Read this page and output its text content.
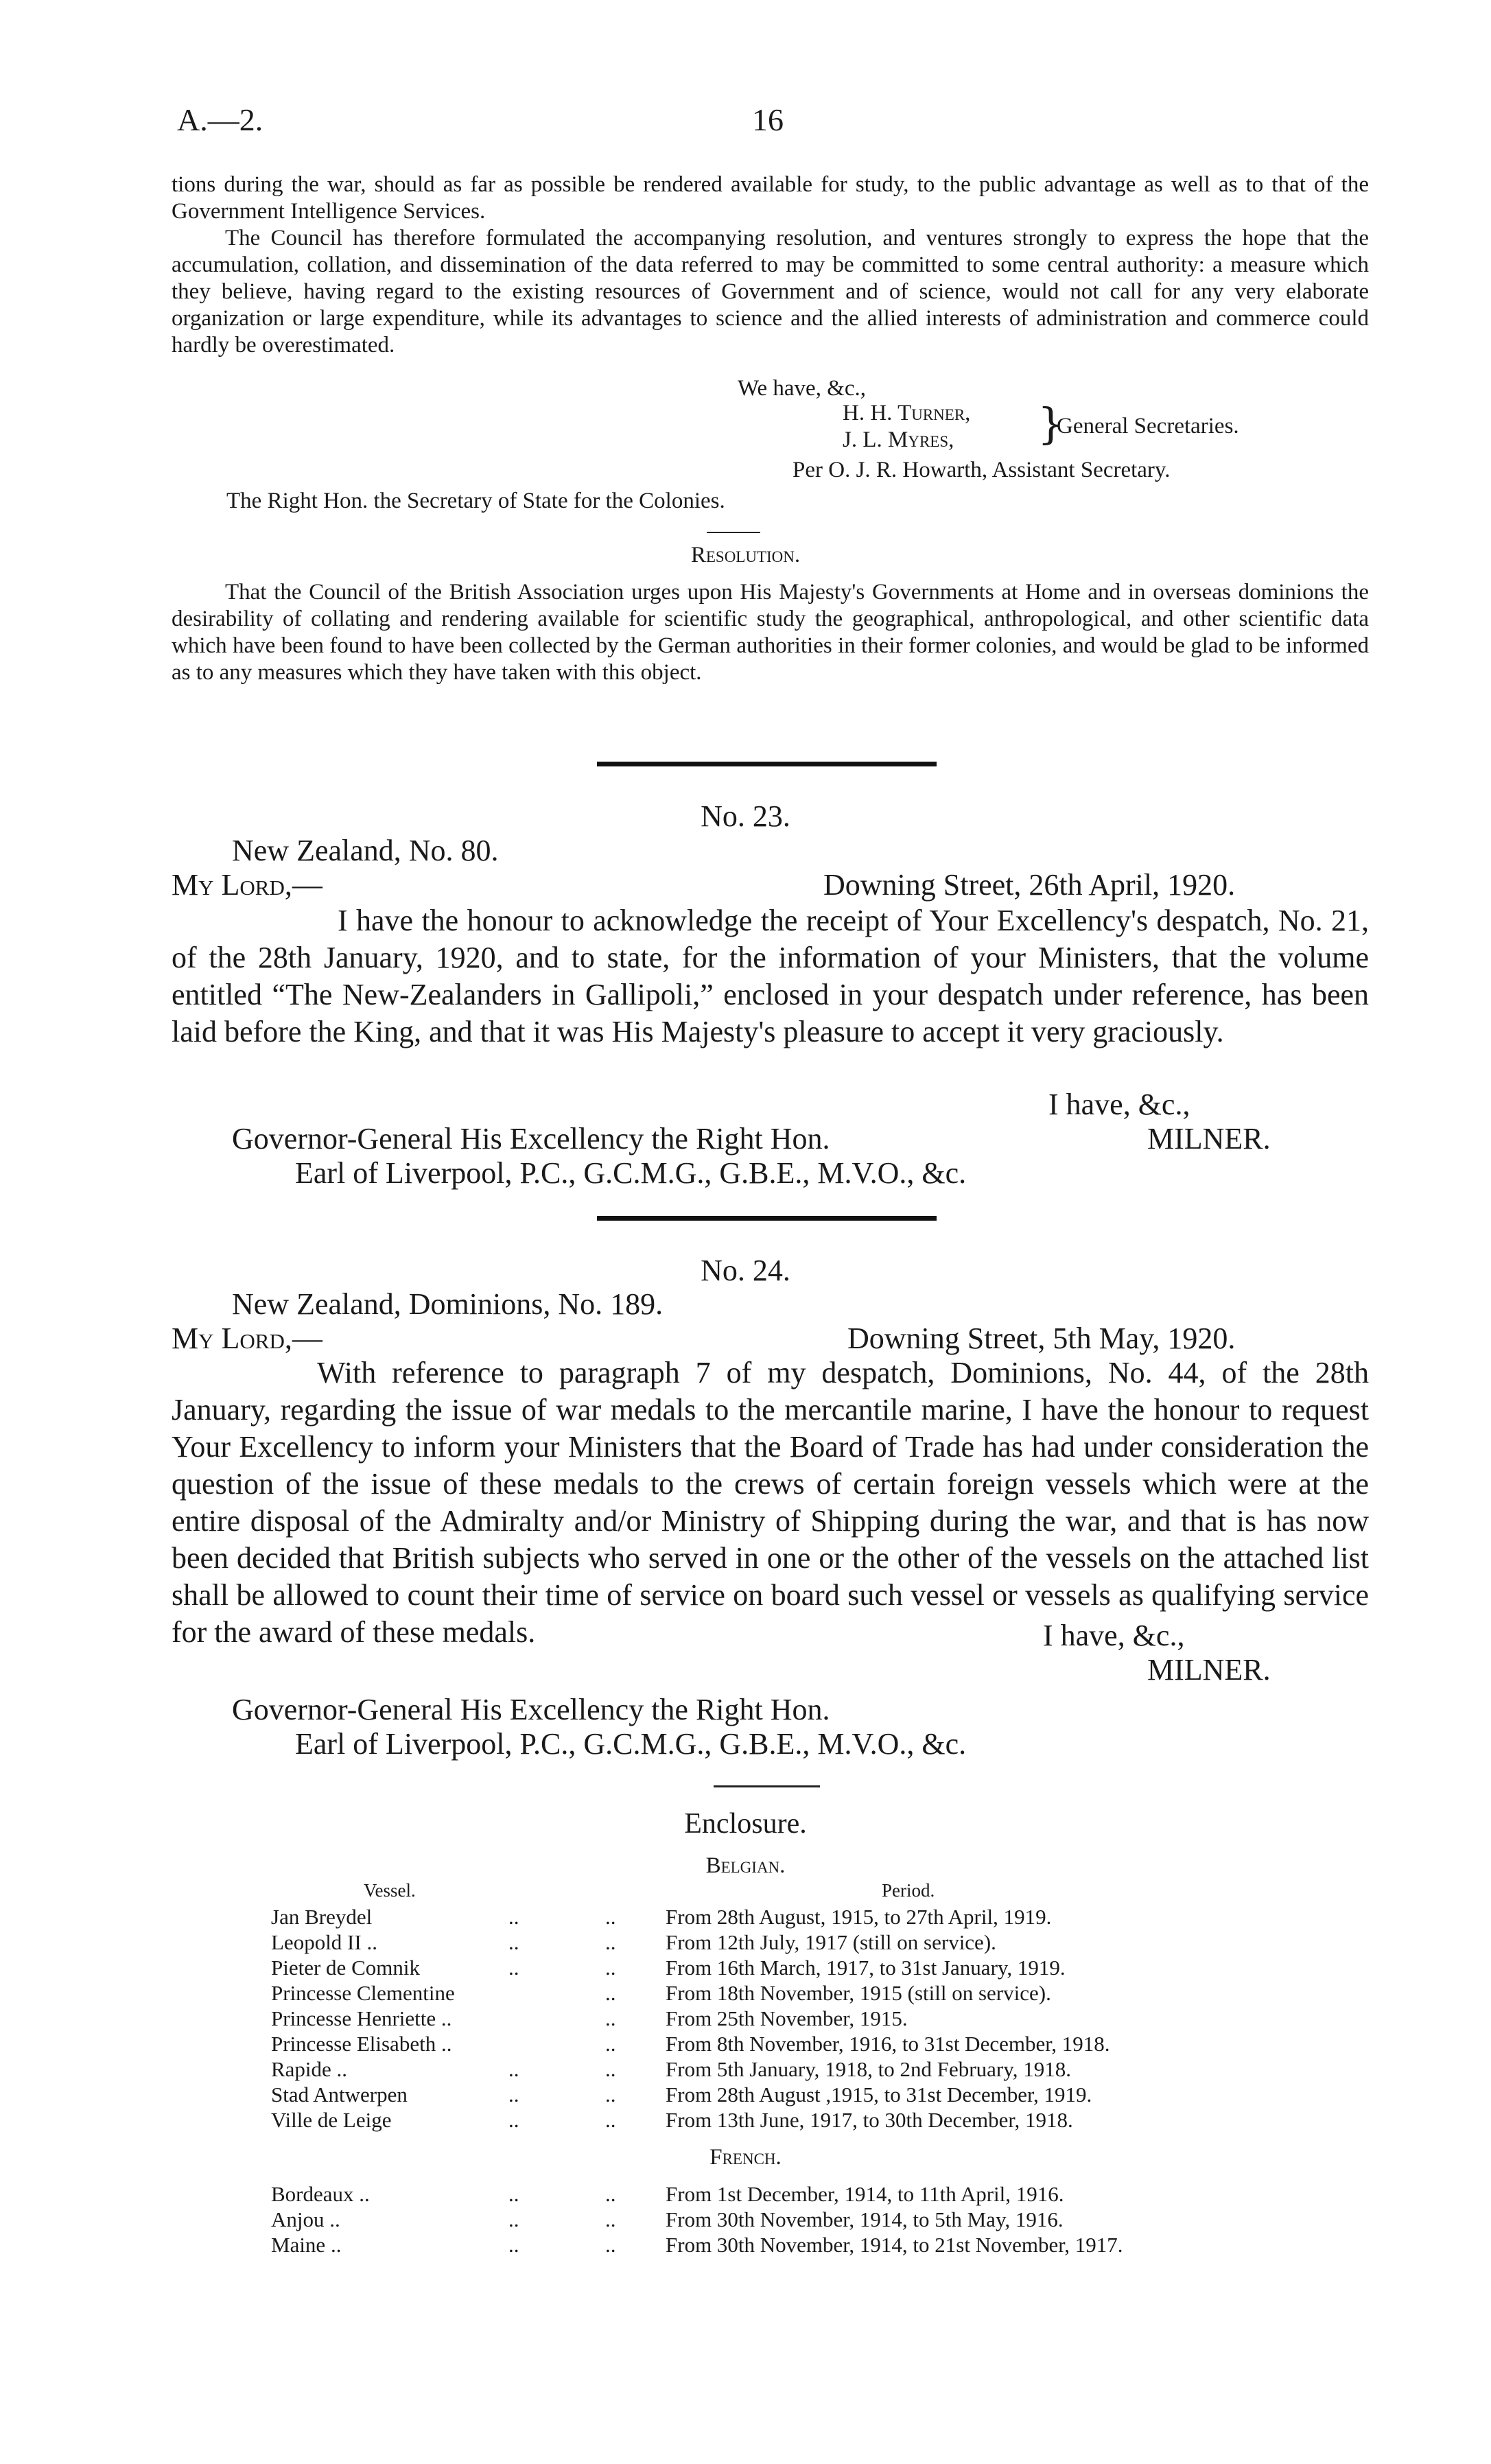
A.—2.	16
tions during the war, should as far as possible be rendered available for study, to the public advantage as well as to that of the Government Intelligence Services.
The Council has therefore formulated the accompanying resolution, and ventures strongly to express the hope that the accumulation, collation, and dissemination of the data referred to may be committed to some central authority: a measure which they believe, having regard to the existing resources of Government and of science, would not call for any very elaborate organization or large expenditure, while its advantages to science and the allied interests of administration and commerce could hardly be overestimated.
We have, &c.,
H. H. Turner,
J. L. Myres, }
General Secretaries.
Per O. J. R. Howarth, Assistant Secretary.
The Right Hon. the Secretary of State for the Colonies.
Resolution.
That the Council of the British Association urges upon His Majesty's Governments at Home and in overseas dominions the desirability of collating and rendering available for scientific study the geographical, anthropological, and other scientific data which have been found to have been collected by the German authorities in their former colonies, and would be glad to be informed as to any measures which they have taken with this object.
No. 23.
New Zealand, No. 80.
My Lord,—	Downing Street, 26th April, 1920.
I have the honour to acknowledge the receipt of Your Excellency's despatch, No. 21, of the 28th January, 1920, and to state, for the information of your Ministers, that the volume entitled “The New-Zealanders in Gallipoli,” enclosed in your despatch under reference, has been laid before the King, and that it was His Majesty's pleasure to accept it very graciously.
I have, &c.,
Governor-General His Excellency the Right Hon.	MILNER.
Earl of Liverpool, P.C., G.C.M.G., G.B.E., M.V.O., &c.
No. 24.
New Zealand, Dominions, No. 189.
My Lord,—	Downing Street, 5th May, 1920.
With reference to paragraph 7 of my despatch, Dominions, No. 44, of the 28th January, regarding the issue of war medals to the mercantile marine, I have the honour to request Your Excellency to inform your Ministers that the Board of Trade has had under consideration the question of the issue of these medals to the crews of certain foreign vessels which were at the entire disposal of the Admiralty and/or Ministry of Shipping during the war, and that is has now been decided that British subjects who served in one or the other of the vessels on the attached list shall be allowed to count their time of service on board such vessel or vessels as qualifying service for the award of these medals.	I have, &c.,
MILNER.
Governor-General His Excellency the Right Hon.
Earl of Liverpool, P.C., G.C.M.G., G.B.E., M.V.O., &c.
Enclosure.
Belgian.
Vessel.	Period.
Jan Breydel	..	.. From 28th August, 1915, to 27th April, 1919.
Leopold II ..	..	.. From 12th July, 1917 (still on service).
Pieter de Comnik	..	.. From 16th March, 1917, to 31st January, 1919.
Princesse Clementine	.. From 18th November, 1915 (still on service).
Princesse Henriette ..	.. From 25th November, 1915.
Princesse Elisabeth ..	.. From 8th November, 1916, to 31st December, 1918.
Rapide ..	..	.. From 5th January, 1918, to 2nd February, 1918.
Stad Antwerpen	..	.. From 28th August ,1915, to 31st December, 1919.
Ville de Leige	..	.. From 13th June, 1917, to 30th December, 1918.
French.
Bordeaux ..	..	.. From 1st December, 1914, to 11th April, 1916.
Anjou ..	..	.. From 30th November, 1914, to 5th May, 1916.
Maine ..	..	.. From 30th November, 1914, to 21st November, 1917.
